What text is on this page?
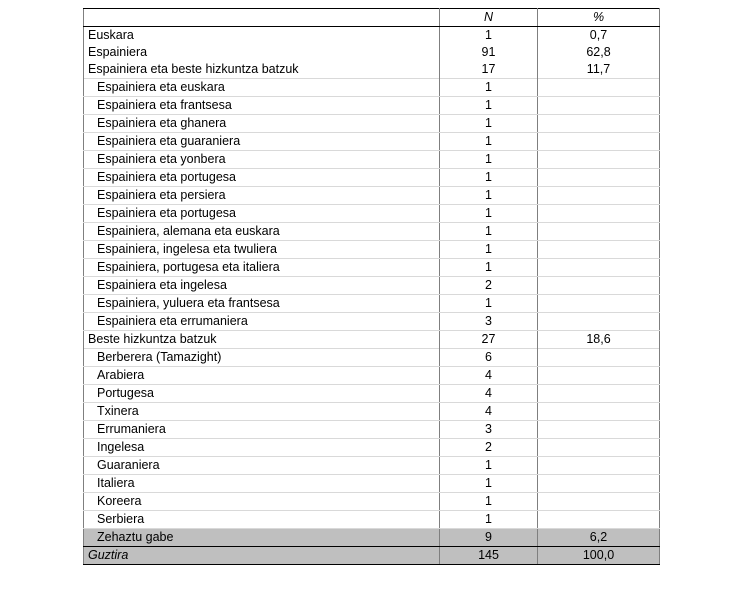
	N	%
Euskara	1	0,7
Espainiera	91	62,8
Espainiera eta beste hizkuntza batzuk	17	11,7
Espainiera eta euskara	1	
Espainiera eta frantsesa	1	
Espainiera eta ghanera	1	
Espainiera eta guaraniera	1	
Espainiera eta yonbera	1	
Espainiera eta portugesa	1	
Espainiera eta persiera	1	
Espainiera eta portugesa	1	
Espainiera, alemana eta euskara	1	
Espainiera, ingelesa eta twuliera	1	
Espainiera, portugesa eta italiera	1	
Espainiera eta ingelesa	2	
Espainiera, yuluera eta frantsesa	1	
Espainiera eta errumaniera	3	
Beste hizkuntza batzuk	27	18,6
Berberera (Tamazight)	6	
Arabiera	4	
Portugesa	4	
Txinera	4	
Errumaniera	3	
Ingelesa	2	
Guaraniera	1	
Italiera	1	
Koreera	1	
Serbiera	1	
Zehaztu gabe	9	6,2
Guztira	145	100,0
